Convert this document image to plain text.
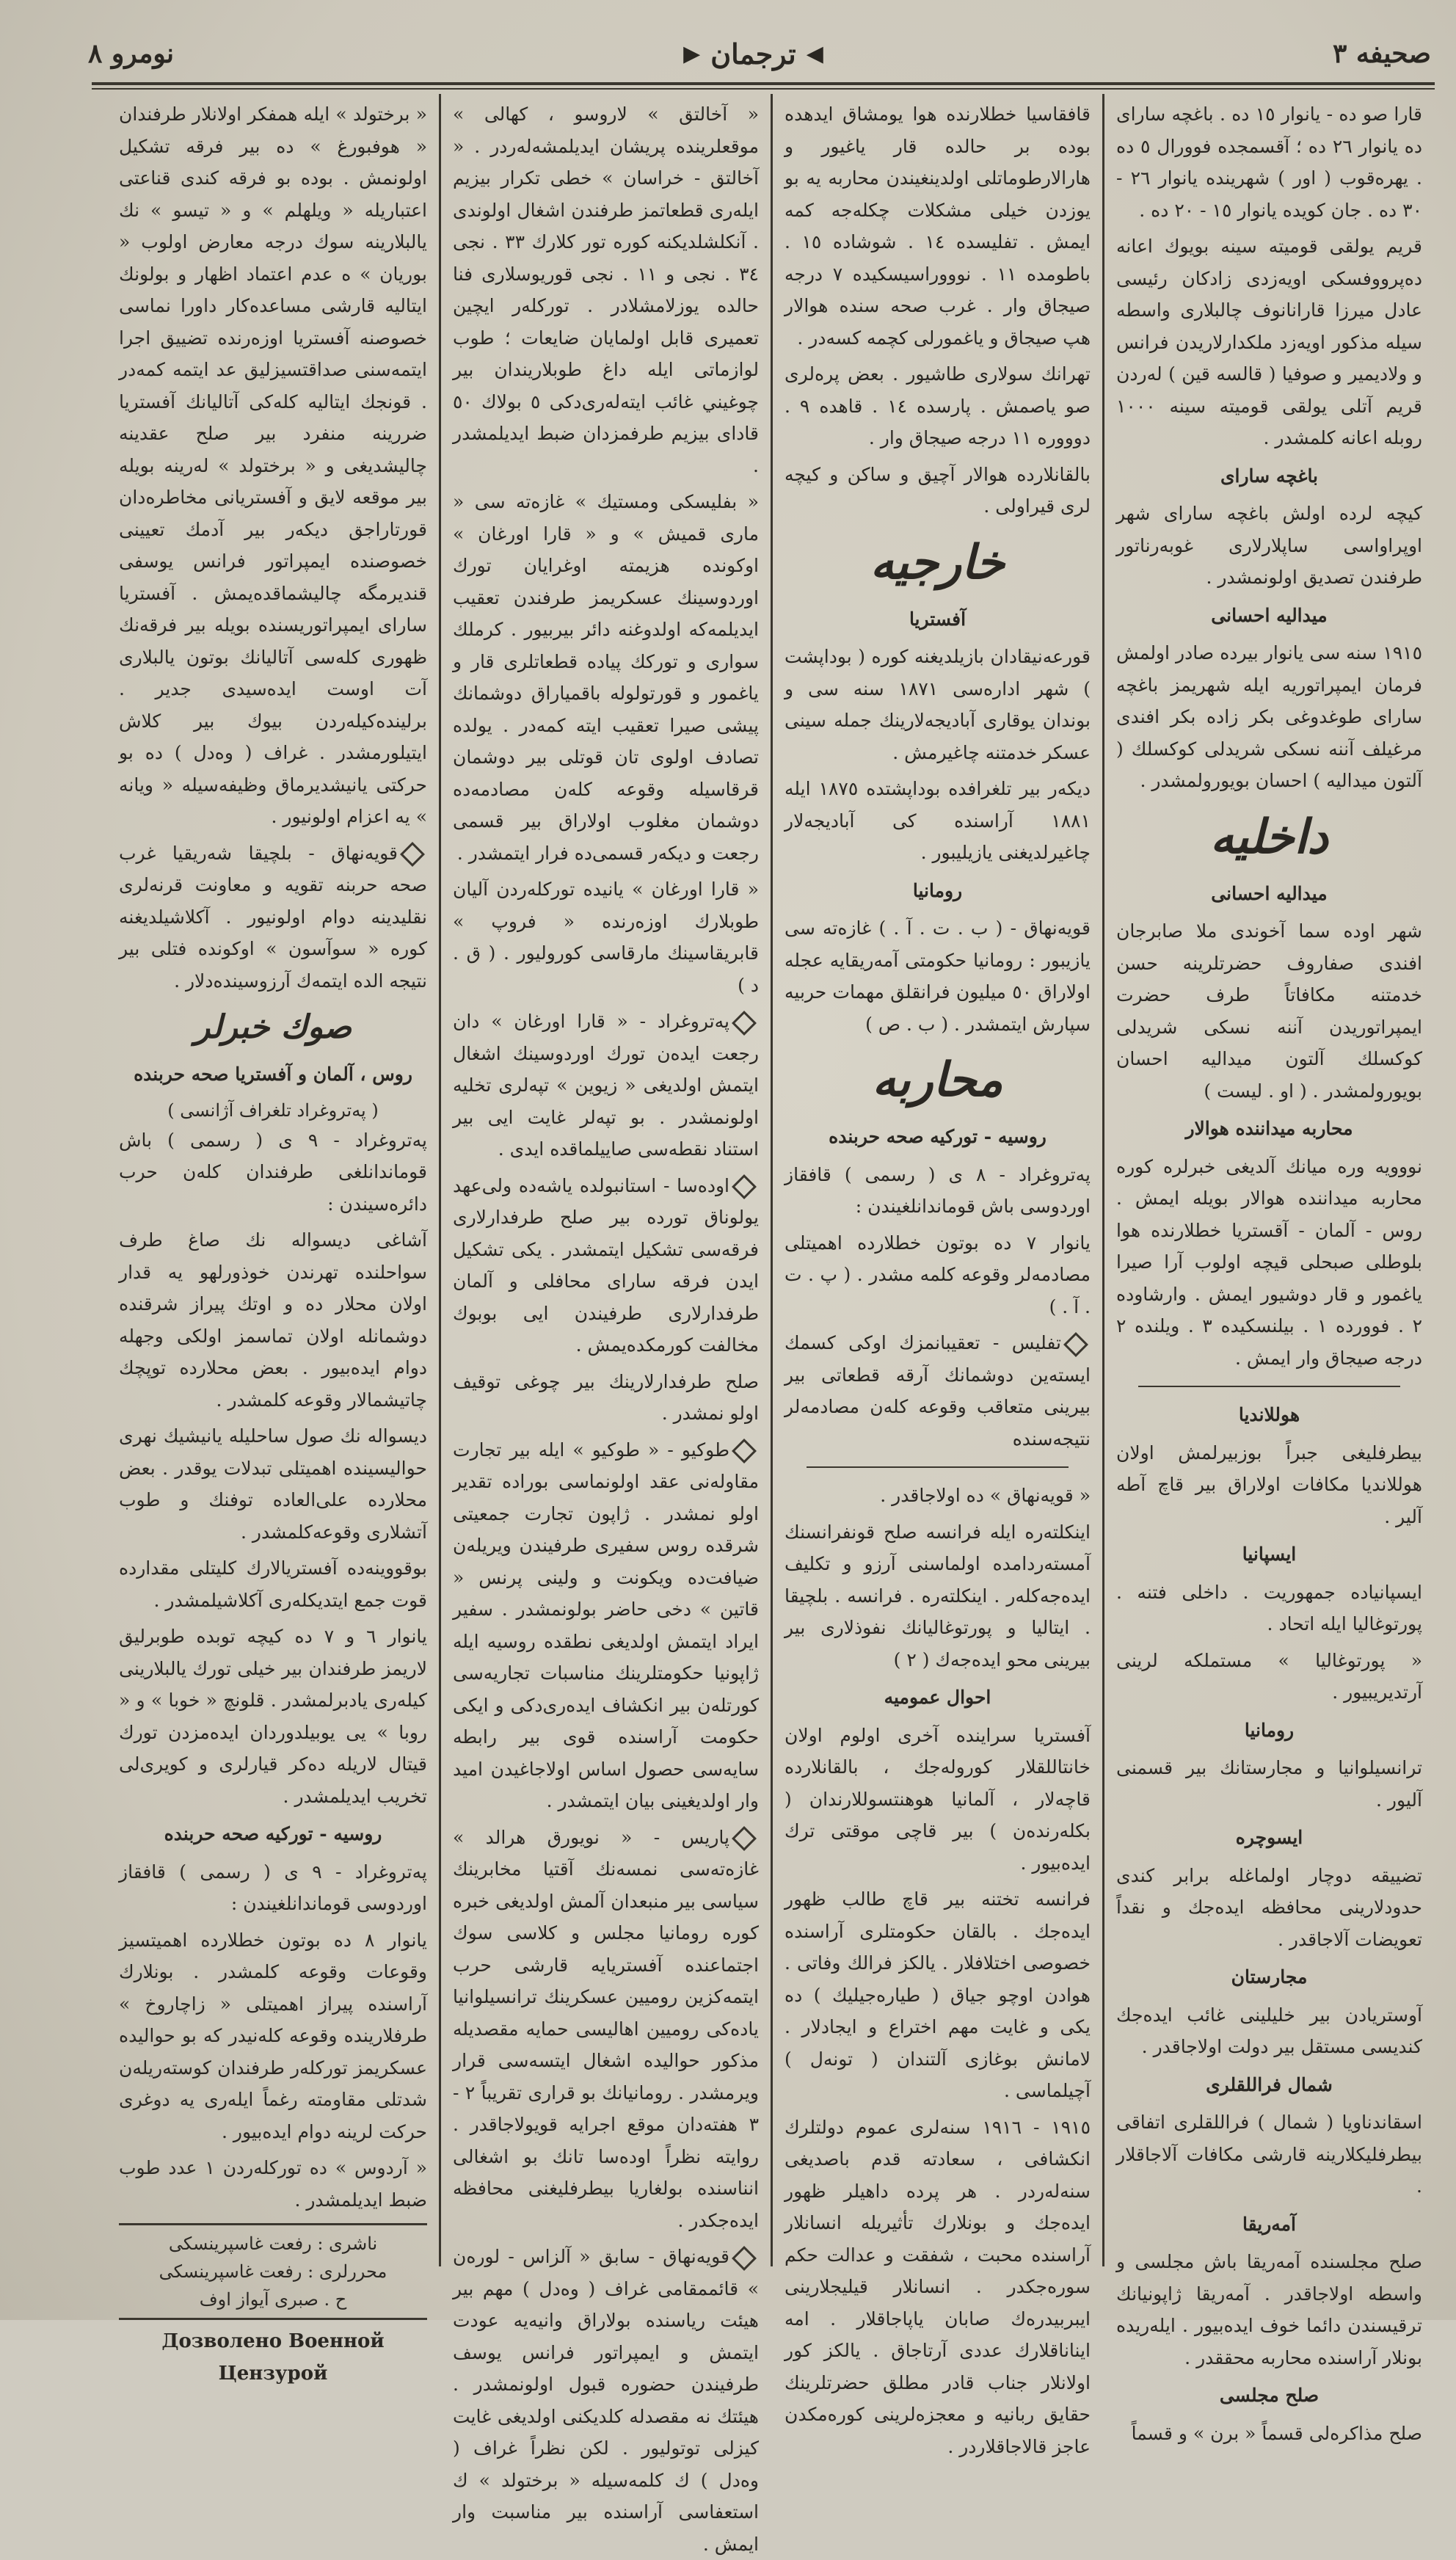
صحيفه ٣
◀
ترجمان
▶
نومرو ٨

قارا صو ده - يانوار ١٥ ده . باغچه سارای ده يانوار ٢٦ ده ؛ آقسمجده فوورال ٥ ده . يهرەقوب ( اور ) شهرينده يانوار ٢٦ - ٣٠ ده . جان كويده يانوار ١٥ - ٢٠ ده .

قريم يولقى قوميته سينه بويوك اعانه دەپرووفسكى اويەزدى زادكان رئيسى عادل ميرزا قارانانوف چالبلارى واسطه سيله مذكور اويەزد ملكدارلاريدن فرانس و ولاديمير و صوفيا ( قالسه قين ) لەردن قريم آتلى يولقى قوميته سينه ١٠٠٠ روبله اعانه كلمشدر .

باغچه سارای

كيچه لرده اولش باغچه سارای شهر اوپراواسى ساپلارلارى غوبەرناتور طرفندن تصديق اولونمشدر .

ميداليه احسانى

١٩١٥ سنه سى يانوار بيرده صادر اولمش فرمان ايمپراتوريه ايله شهريمز باغچه سارای طوغدوغى بكر زاده بكر افندى مرغيلف آننه نسكى شريدلى كوكسلك ( آلتون ميداليه ) احسان بويورولمشدر .

داخليه
ميداليه احسانى

شهر اوده سما آخوندى ملا صابرجان افندى صفاروف حضرتلرينه حسن خدمتنه مكافاتاً طرف حضرت ايمپراتوريدن آننه نسكى شريدلى كوكسلك آلتون ميداليه احسان بويورولمشدر . ( او . ليست )

محاربه ميداننده هوالار

نووويه وره ميانك آلديغى خبرلره كوره محاربه ميداننده هوالار بويله ايمش . روس - آلمان - آقستريا خطلارنده هوا بلوطلى صبحلى قيچه اولوب آرا صيرا ياغمور و قار دوشيور ايمش . وارشاوده ٢ . فوورده ١ . بيلنسكيده ٣ . ويلنده ٢ درجه صيجاق وار ايمش .

هوللانديا

بيطرفليغى جبراً بوزبيرلمش اولان هوللانديا مكافات اولاراق بير قاچ آطه آلير .

ايسپانيا

ايسپانياده جمهوريت . داخلى فتنه . پورتوغاليا ايله اتحاد .

« پورتوغاليا » مستملكه لرينى آرتديريبيور .

رومانيا

ترانسيلوانيا و مجارستانك بير قسمنى آليور .

ايسوچره

تضييقه دوچار اولماغله برابر كندى حدودلارينى محافظه ايدەجك و نقداً تعويضات آلاجاقدر .

مجارستان

آوستريادن بير خليلينى غائب ايدەجك كنديسى مستقل بير دولت اولاجاقدر .

شمال فراللقلرى

اسقاندناويا ( شمال ) فراللقلرى اتفاقى بيطرفليكلارينه قارشى مكافات آلاجاقلار .

آمەريقا

صلح مجلسنده آمەريقا باش مجلسى و واسطه اولاجاقدر . آمەريقا ژاپونيانك ترقيسندن دائما خوف ايدەبيور . ايلەريده بونلار آراسنده محاربه محققدر .

صلح مجلسى

صلح مذاكرەلى قسماً « برن » و قسماً

قافقاسيا خطلارنده هوا يومشاق ايدهده بوده بر حالده قار ياغيور و هارالارطوماتلى اولدينغيندن محاربه يه بو يوزدن خيلى مشكلات چكلەجه كمه ايمش . تفليسده ١٤ . شوشاده ١٥ . باطومده ١١ . نوووراسيسكيده ٧ درجه صيجاق وار . غرب صحه سنده هوالار هپ صيجاق و ياغمورلى كچمه كسەدر .

تهرانك سولارى طاشيور . بعض پرەلرى صو ياصمش . پارسده ١٤ . قاهده ٩ . دوووره ١١ درجه صيجاق وار .

بالقانلارده هوالار آچيق و ساكن و كيچه لرى قيراولى .

خارجيه
آفستريا

قورعەنيقادان بازيلديغنه كوره ( بوداپشت ) شهر ادارەسى ١٨٧١ سنه سى و بوندان يوقارى آباديجەلارينك جمله سينى عسكر خدمتنه چاغيرمش .

ديكەر بير تلغرافده بوداپشتده ١٨٧٥ ايله ١٨٨١ آراسنده كى آباديجەلار چاغيرلديغنى يازيليبور .

رومانيا

قويەنهاق - ( ب . ت . آ . ) غازەته سى يازيبور : رومانيا حكومتى آمەريقايه عجله اولاراق ٥٠ ميليون فرانقلق مهمات حربيه سپارش ايتمشدر . ( ب . ص )

محاربه
روسيه - توركيه صحه حربنده

پەتروغراد - ٨ ى ( رسمى ) قافقاز اوردوسى باش قوماندانلغيندن :

يانوار ٧ ده بوتون خطلارده اهميتلى مصادمەلر وقوعه كلمه مشدر . ( پ . ت . آ . )

تفليس - تعقيبانمزك اوكى كسمك ايسته‌ين دوشمانك آرقه قطعاتى بير بيرينى متعاقب وقوعه كلەن مصادمه‌لر نتيجه‌سنده

« قويەنهاق » ده اولاجاقدر .

اينكلتەره ايله فرانسه صلح قونفرانسنك آمستەردامده اولماسنى آرزو و تكليف ايدەجەكلەر . اينكلتەره . فرانسه . بلچيقا . ايتاليا و پورتوغاليانك نفوذلارى بير بيرينى محو ايدەجەك ( ٢ )

احوال عموميه

آفستريا سراينده آخرى اولوم اولان خانتاللقلار كورولەجك ، بالقانلاردە قاچه‌لار ، آلمانيا هوهنتسوللارندان ( بكلەرندەن ) بير قاچى موقتى ترك ايدەبيور .

فرانسه تختنه بير قاچ طالب ظهور ايدەجك . بالقان حكومتلرى آراسنده خصوصى اختلافلار . يالكز فرالك وفاتى . هوادن اوچو جياق ( طياره‌جيليك ) ده يكى و غايت مهم اختراع و ايجادلار . لامانش بوغازى آلتندان ( تونەل ) آچيلماسى .

١٩١٥ - ١٩١٦ سنه‌لرى عموم دولتلرك انكشافى ، سعادته قدم باصديغى سنه‌لەردر . هر پرده داهيلر ظهور ايدەجك و بونلارك تأثيريله انسانلار آراسنده محبت ، شفقت و عدالت حكم سوره‌جكدر . انسانلار قيليجلارينى ايبربيدره‌ك صابان ياپاجاقلار . امه ايناناقلارك عددى آرتاجاق . يالكز كور اولانلار جناب قادر مطلق حضرتلرينك حقايق ربانيه و معجزەلرينى كوره‌مكدن عاجز قالاجاقلاردر .

« آخالتق » لاروسو ، كهالى » موقعلرينده پريشان ايديلمشه‌لەردر . « آخالتق - خراسان » خطى تكرار بيزيم ايلەرى قطعاتمز طرفندن اشغال اولوندى . آنكلشلديكنه كوره تور كلارك ٣٣ . نجى ٣٤ . نجى و ١١ . نجى قوريوسلارى فنا حالده يوزلامشلادر . توركلەر ايچين تعميرى قابل اولمايان ضايعات ؛ طوب لوازماتى ايله داغ طوبلاريندان بير چوغيني غائب ايتەلەرى‌دكى ٥ بولاك ٥٠ قاداى بيزيم طرفمزدان ضبط ايديلمشدر .

« بفليسكى ومستيك » غازەته سى « مارى قميش » و « قارا اورغان » اوكونده هزيمته اوغرايان تورك اوردوسينك عسكريمز طرفندن تعقيب ايديلمه‌كه اولدوغنه دائر بيربيور . كرملك سوارى و توركك پياده قطعاتلرى قار و ياغمور و قورتولوله باقمياراق دوشمانك پيشى صيرا تعقيب ايته كمەدر . يولده تصادف اولوى تان قوتلى بير دوشمان قرقاسيله وقوعه كلەن مصادمه‌ده دوشمان مغلوب اولاراق بير قسمى رجعت و ديكەر قسمى‌ده فرار ايتمشدر .

« قارا اورغان » يانيده توركلەردن آليان طوبلارك اوزەرنده « فروپ » قابريقاسينك مارقاسى كوروليور . ( ق . د )

پەتروغراد - « قارا اورغان » دان رجعت ايدەن تورك اوردوسينك اشغال ايتمش اولديغى « زيوين » تپه‌لرى تخليه اولونمشدر . بو تپه‌لر غايت ايى بير استناد نقطه‌سى صاييلماقده ايدى .

اوده‌سا - استانبولده ياشه‌ده ولى‌عهد يولوناق تورده بير صلح طرفدارلارى فرقه‌سى تشكيل ايتمشدر . يكى تشكيل ايدن فرقه سارای محافلى و آلمان طرفدارلارى طرفيندن ايى بوبوك مخالفت كورمكده‌يمش .

صلح طرفدارلارينك بير چوغى توقيف اولو نمشدر .

طوكيو - « طوكيو » ايله بير تجارت مقاوله‌نى عقد اولونماسى بوراده تقدير اولو نمشدر . ژاپون تجارت جمعيتى شرقده روس سفيرى طرفيندن ويريلەن ضيافت‌ده ويكونت و ولينى پرنس « قاتين » دخى حاضر بولونمشدر . سفير ايراد ايتمش اولديغى نطقده روسيه ايله ژاپونيا حكومتلرينك مناسبات تجاريه‌سى كورتلەن بير انكشاف ايدەرى‌دكى و ايكى حكومت آراسنده قوى بير رابطه سايه‌سى حصول اساس اولاجاغيدن اميد وار اولديغينى بيان ايتمشدر .

پاريس - « نويورق هرالد » غازەته‌سى نمسه‌نك آقتيا مخابرينك سياسى بير منبعدان آلمش اولديغى خبره كوره رومانيا مجلس و كلاسى سوك اجتماعنده آفستريايه قارشى حرب ايتمه‌كزين روميين عسكرينك ترانسيلوانيا ياده‌كى روميين اهاليسى حمايه مقصديله مذكور حواليده اشغال ايتسه‌سى قرار ويرمشدر . رومانيانك بو قرارى تقريباً ٢ - ٣ هفته‌دان موقع اجرايه قويولاجاقدر . روايته نظراً اوده‌سا تانك بو اشغالى انناسنده بولغاريا بيطرفليغنى محافظه ايدەجكدر .

قويەنهاق - سابق « آلزاس - لورەن » قائممقامى غراف ( وەدل ) مهم بير هيئت رياسنده بولاراق وانيه‌يه عودت ايتمش و ايمپراتور فرانس يوسف طرفيندن حضوره قبول اولونمشدر . هيئتك نه مقصدله كلديكنى اولديغى غايت كيزلى توتوليور . لكن نظراً غراف ( وەدل ) ك كلمه‌سيله « برختولد » ك استعفاسى آراسنده بير مناسبت وار ايمش .

« برختولد » ايله همفكر اولانلار طرفندان « هوفبورغ » ده بير فرقه تشكيل اولونمش . بوده بو فرقه كندى قناعتى اعتباريله « ويلهلم » و « تيسو » نك يالبلارينه سوك درجه معارض اولوب « بوريان » ه عدم اعتماد اظهار و بولونك ايتاليه قارشى مساعده‌كار داورا نماسى خصوصنه آفستريا اوزەرنده تضييق اجرا ايتمه‌سنى صداقتسيزليق عد ايتمه كمەدر . قونجك ايتاليه كلەكى آتاليانك آفستريا ضررينه منفرد بير صلح عقدينه چاليشديغى و « برختولد » لەرينه بويله بير موقعه لايق و آفستريانى مخاطره‌دان قورتاراجق ديكەر بير آدمك تعيينى خصوصنده ايمپراتور فرانس يوسفى قنديرمگه چاليشماقده‌يمش . آفستريا سارای ايمپراتوريسنده بويله بير فرقه‌نك ظهورى كلەسى آتاليانك بوتون يالبلارى آت اوست ايده‌سيدى جدير . برلينده‌كيلەردن بيوك بير كلاش ايتيلورمشدر . غراف ( وەدل ) ده بو حركتى يانيشديرماق وظيفه‌سيله « ويانه » يه اعزام اولونيور .

قويەنهاق - بلچيقا شەريقيا غرب صحه حربنه تقويه و معاونت قرنه‌لرى نقليدينه دوام اولونيور . آكلاشيلديغنه كوره « سوآسون » اوكونده فتلى بير نتيجه الده ايتمه‌ك آرزوسينده‌دلار .

صوك خبرلر
روس ، آلمان و آفستريا صحه حربنده
( پەتروغراد تلغراف آژانسى )

پەتروغراد - ٩ ى ( رسمى ) باش قوماندانلغى طرفندان كلەن حرب دائرەسيندن :

آشاغى ديسواله نك صاغ طرف سواحلنده تهرندن خوذورلهو يه قدار اولان محلار ده و اوتك پيراز شرقنده دوشمانله اولان تماسمز اولكى وجهله دوام ايدەبيور . بعض محلارده توپچك چاتيشمالار وقوعه كلمشدر .

ديسواله نك صول ساحليله يانيشيك نهرى حواليسينده اهميتلى تبدلات يوقدر . بعض محلارده على‌العاده توفنك و طوب آتشلارى وقوعه‌كلمشدر .

بوقووينه‌ده آفستريالارك كليتلى مقدارده قوت جمع ايتديكلەرى آكلاشيلمشدر .

يانوار ٦ و ٧ ده كيچه توبده طوبرليق لاريمز طرفندان بير خيلى تورك يالبلارينى كيلەرى يادبرلمشدر . قلونچ « خوبا » و « روبا » يى يوبيلدوردان ايدەمزدن تورك قيتال لاريله ده‌كر قيارلرى و كويرى‌لى تخريب ايديلمشدر .

روسيه - توركيه صحه حربنده

پەتروغراد - ٩ ى ( رسمى ) قافقاز اوردوسى قوماندانلغيندن :

يانوار ٨ ده بوتون خطلارده اهميتسيز وقوعات وقوعه كلمشدر . بونلارك آراسنده پيراز اهميتلى « زاچاروخ » طرفلارينده وقوعه كلەنيدر كه بو حواليده عسكريمز توركلەر طرفندان كوسته‌ريلەن شدتلى مقاومته رغماً ايلەرى يه دوغرى حركت لرينه دوام ايدەبيور .

« آردوس » ده تورکلەردن ١ عدد طوب ضبط ايديلمشدر .

ناشرى : رفعت غاسپرينسكى
محررلرى : رفعت غاسپرينسكى
ح . صبرى آيواز اوف
Дозволено Военной Цензурой
